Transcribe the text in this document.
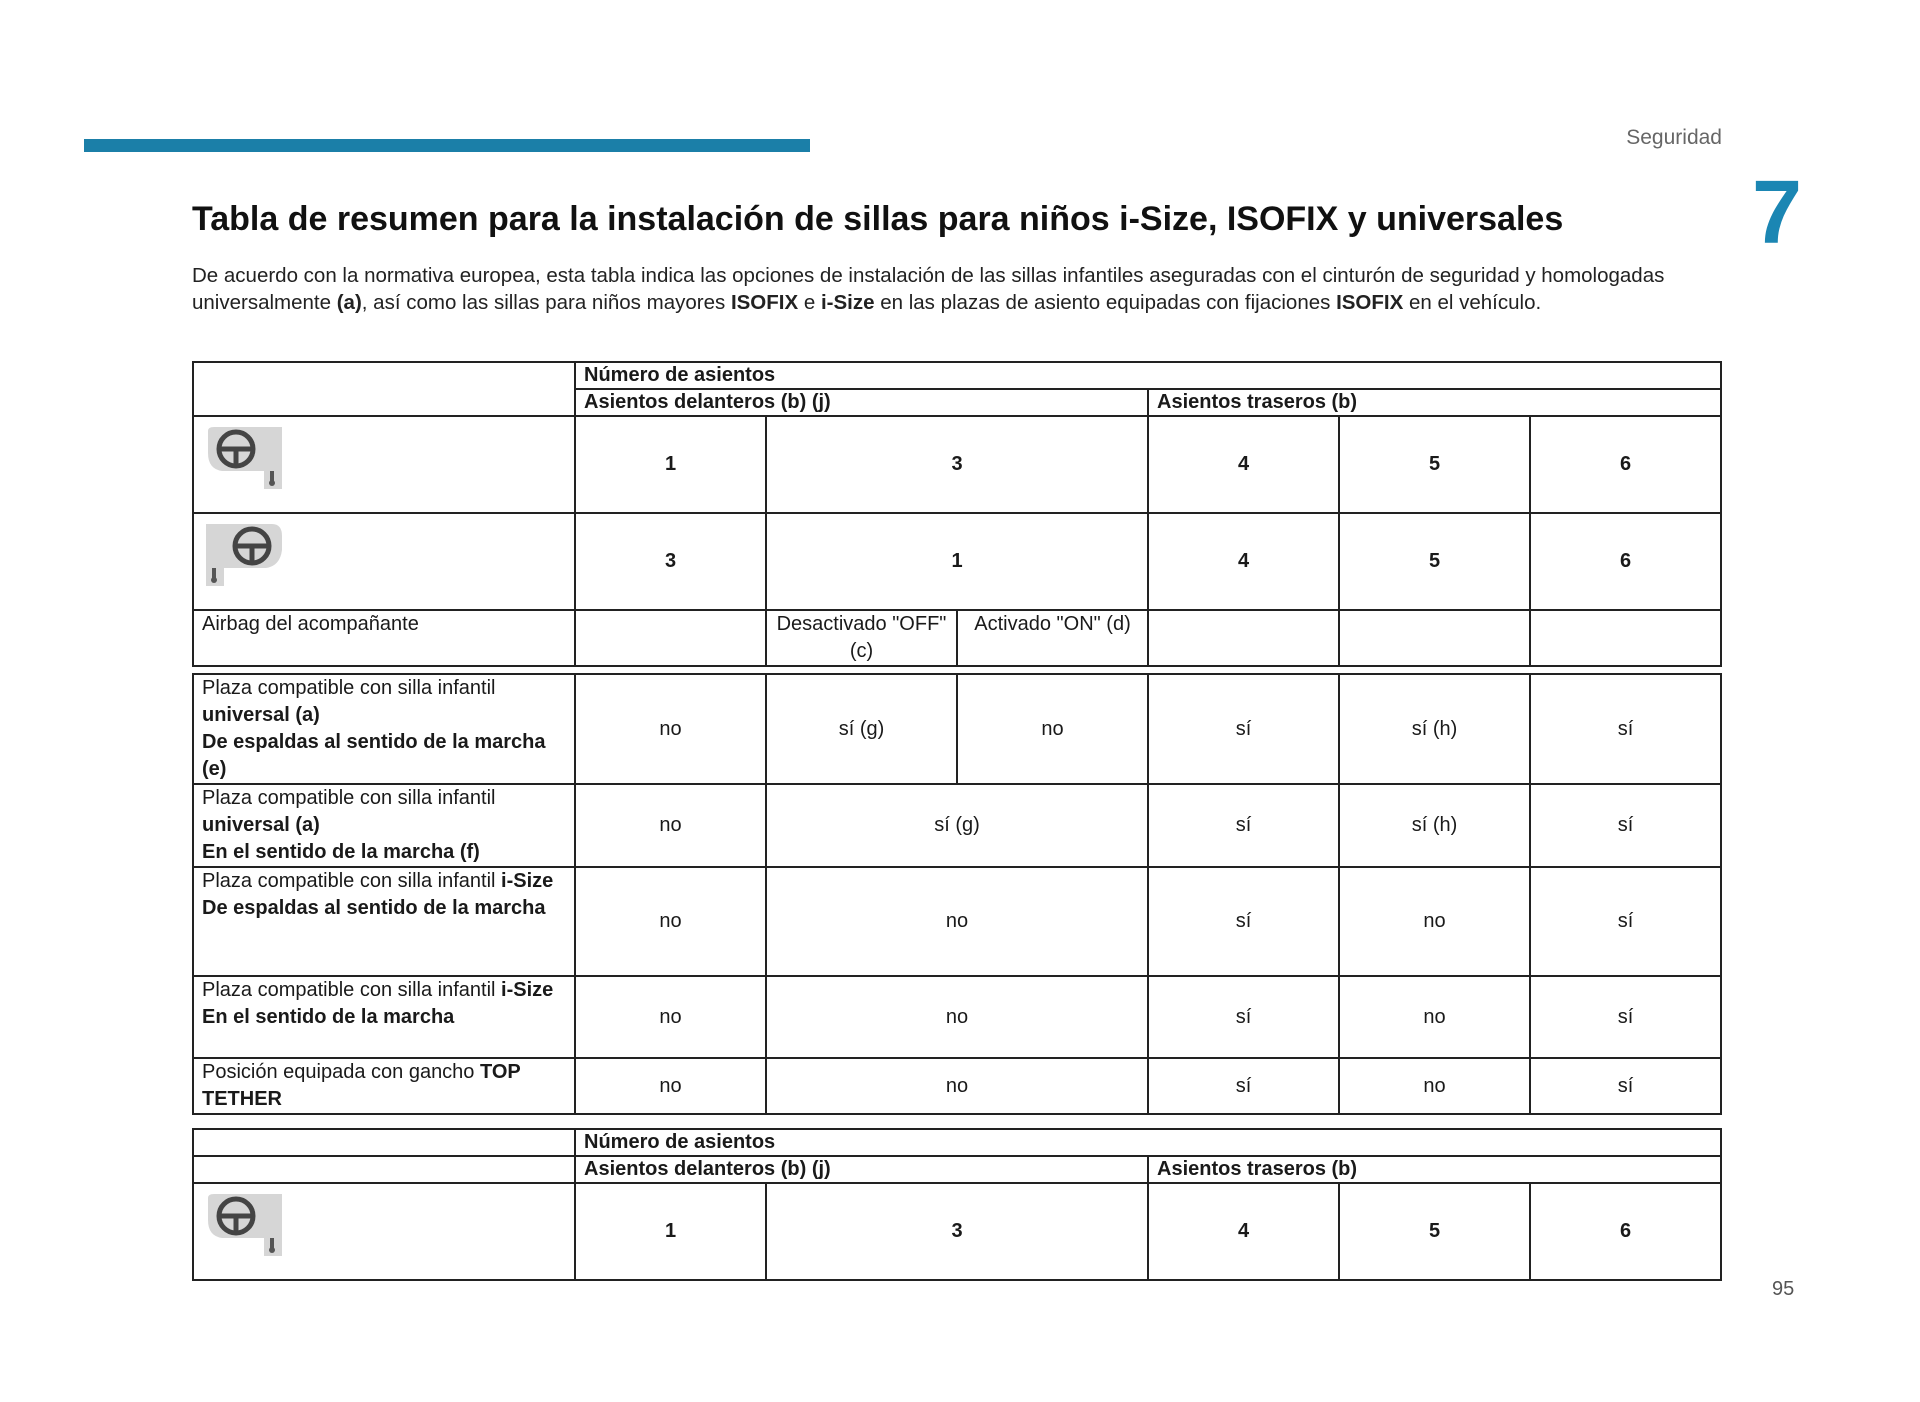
Seguridad
7
Tabla de resumen para la instalación de sillas para niños i-Size, ISOFIX y universales

De acuerdo con la normativa europea, esta tabla indica las opciones de instalación de las sillas infantiles aseguradas con el cinturón de seguridad y homologadas universalmente (a), así como las sillas para niños mayores ISOFIX e i-Size en las plazas de asiento equipadas con fijaciones ISOFIX en el vehículo.

	Número de asientos					
	Asientos delanteros (b) (j)			Asientos traseros (b)		

	1	3		4	5	6

	3	1		4	5	6
Airbag del acompañante		Desactivado "OFF" (c)	Activado "ON" (d)			
Plaza compatible con silla infantil universal (a)
De espaldas al sentido de la marcha (e)	no	sí (g)	no	sí	sí (h)	sí
Plaza compatible con silla infantil universal (a)
En el sentido de la marcha (f)	no	sí (g)		sí	sí (h)	sí
Plaza compatible con silla infantil i-Size
De espaldas al sentido de la marcha	no	no		sí	no	sí
Plaza compatible con silla infantil i-Size
En el sentido de la marcha	no	no		sí	no	sí
Posición equipada con gancho TOP TETHER	no	no		sí	no	sí
	Número de asientos				
	Asientos delanteros (b) (j)		Asientos traseros (b)		

	1	3	4	5	6
95
